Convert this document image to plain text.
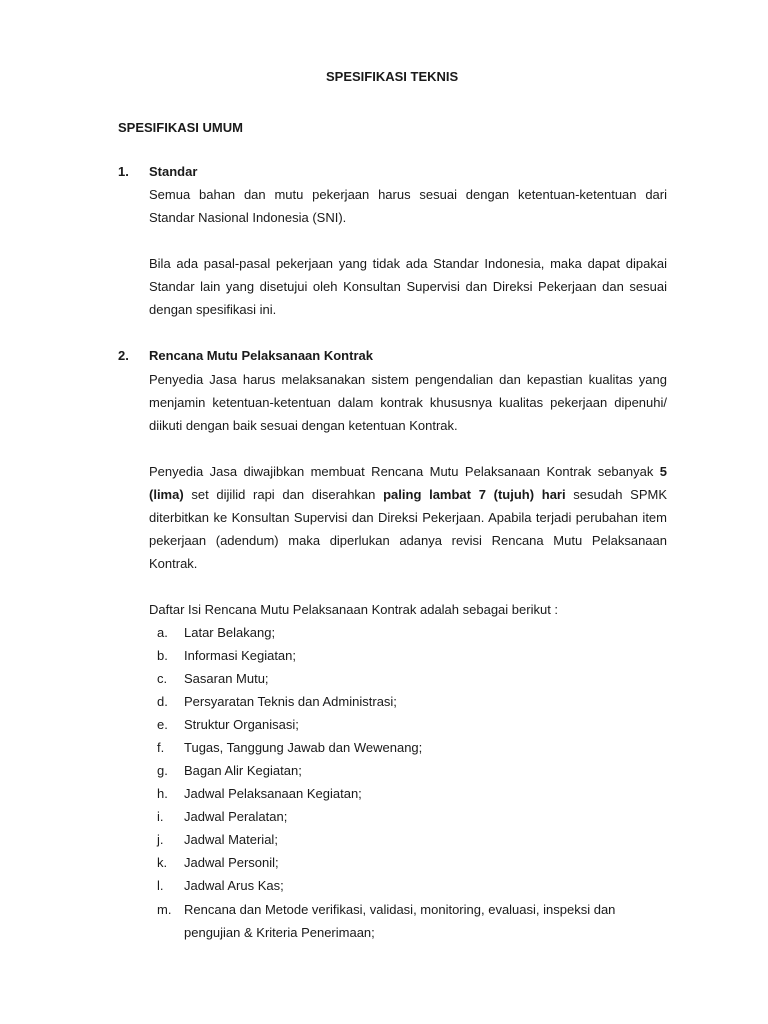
SPESIFIKASI TEKNIS
SPESIFIKASI UMUM
1. Standar
Semua bahan dan mutu pekerjaan harus sesuai dengan ketentuan-ketentuan dari
Standar Nasional Indonesia (SNI).
Bila ada pasal-pasal pekerjaan yang tidak ada Standar Indonesia, maka dapat dipakai
Standar lain yang disetujui oleh Konsultan Supervisi dan Direksi Pekerjaan dan sesuai
dengan spesifikasi ini.
2. Rencana Mutu Pelaksanaan Kontrak
Penyedia Jasa harus melaksanakan sistem pengendalian dan kepastian kualitas yang
menjamin ketentuan-ketentuan dalam kontrak khususnya kualitas pekerjaan dipenuhi/
diikuti dengan baik sesuai dengan ketentuan Kontrak.
Penyedia Jasa diwajibkan membuat Rencana Mutu Pelaksanaan Kontrak sebanyak 5
(lima) set dijilid rapi dan diserahkan paling lambat 7 (tujuh) hari sesudah SPMK
diterbitkan ke Konsultan Supervisi dan Direksi Pekerjaan. Apabila terjadi perubahan item
pekerjaan (adendum) maka diperlukan adanya revisi Rencana Mutu Pelaksanaan
Kontrak.
Daftar Isi Rencana Mutu Pelaksanaan Kontrak adalah sebagai berikut :
a. Latar Belakang;
b. Informasi Kegiatan;
c. Sasaran Mutu;
d. Persyaratan Teknis dan Administrasi;
e. Struktur Organisasi;
f. Tugas, Tanggung Jawab dan Wewenang;
g. Bagan Alir Kegiatan;
h. Jadwal Pelaksanaan Kegiatan;
i. Jadwal Peralatan;
j. Jadwal Material;
k. Jadwal Personil;
l. Jadwal Arus Kas;
m. Rencana dan Metode verifikasi, validasi, monitoring, evaluasi, inspeksi dan
pengujian & Kriteria Penerimaan;
